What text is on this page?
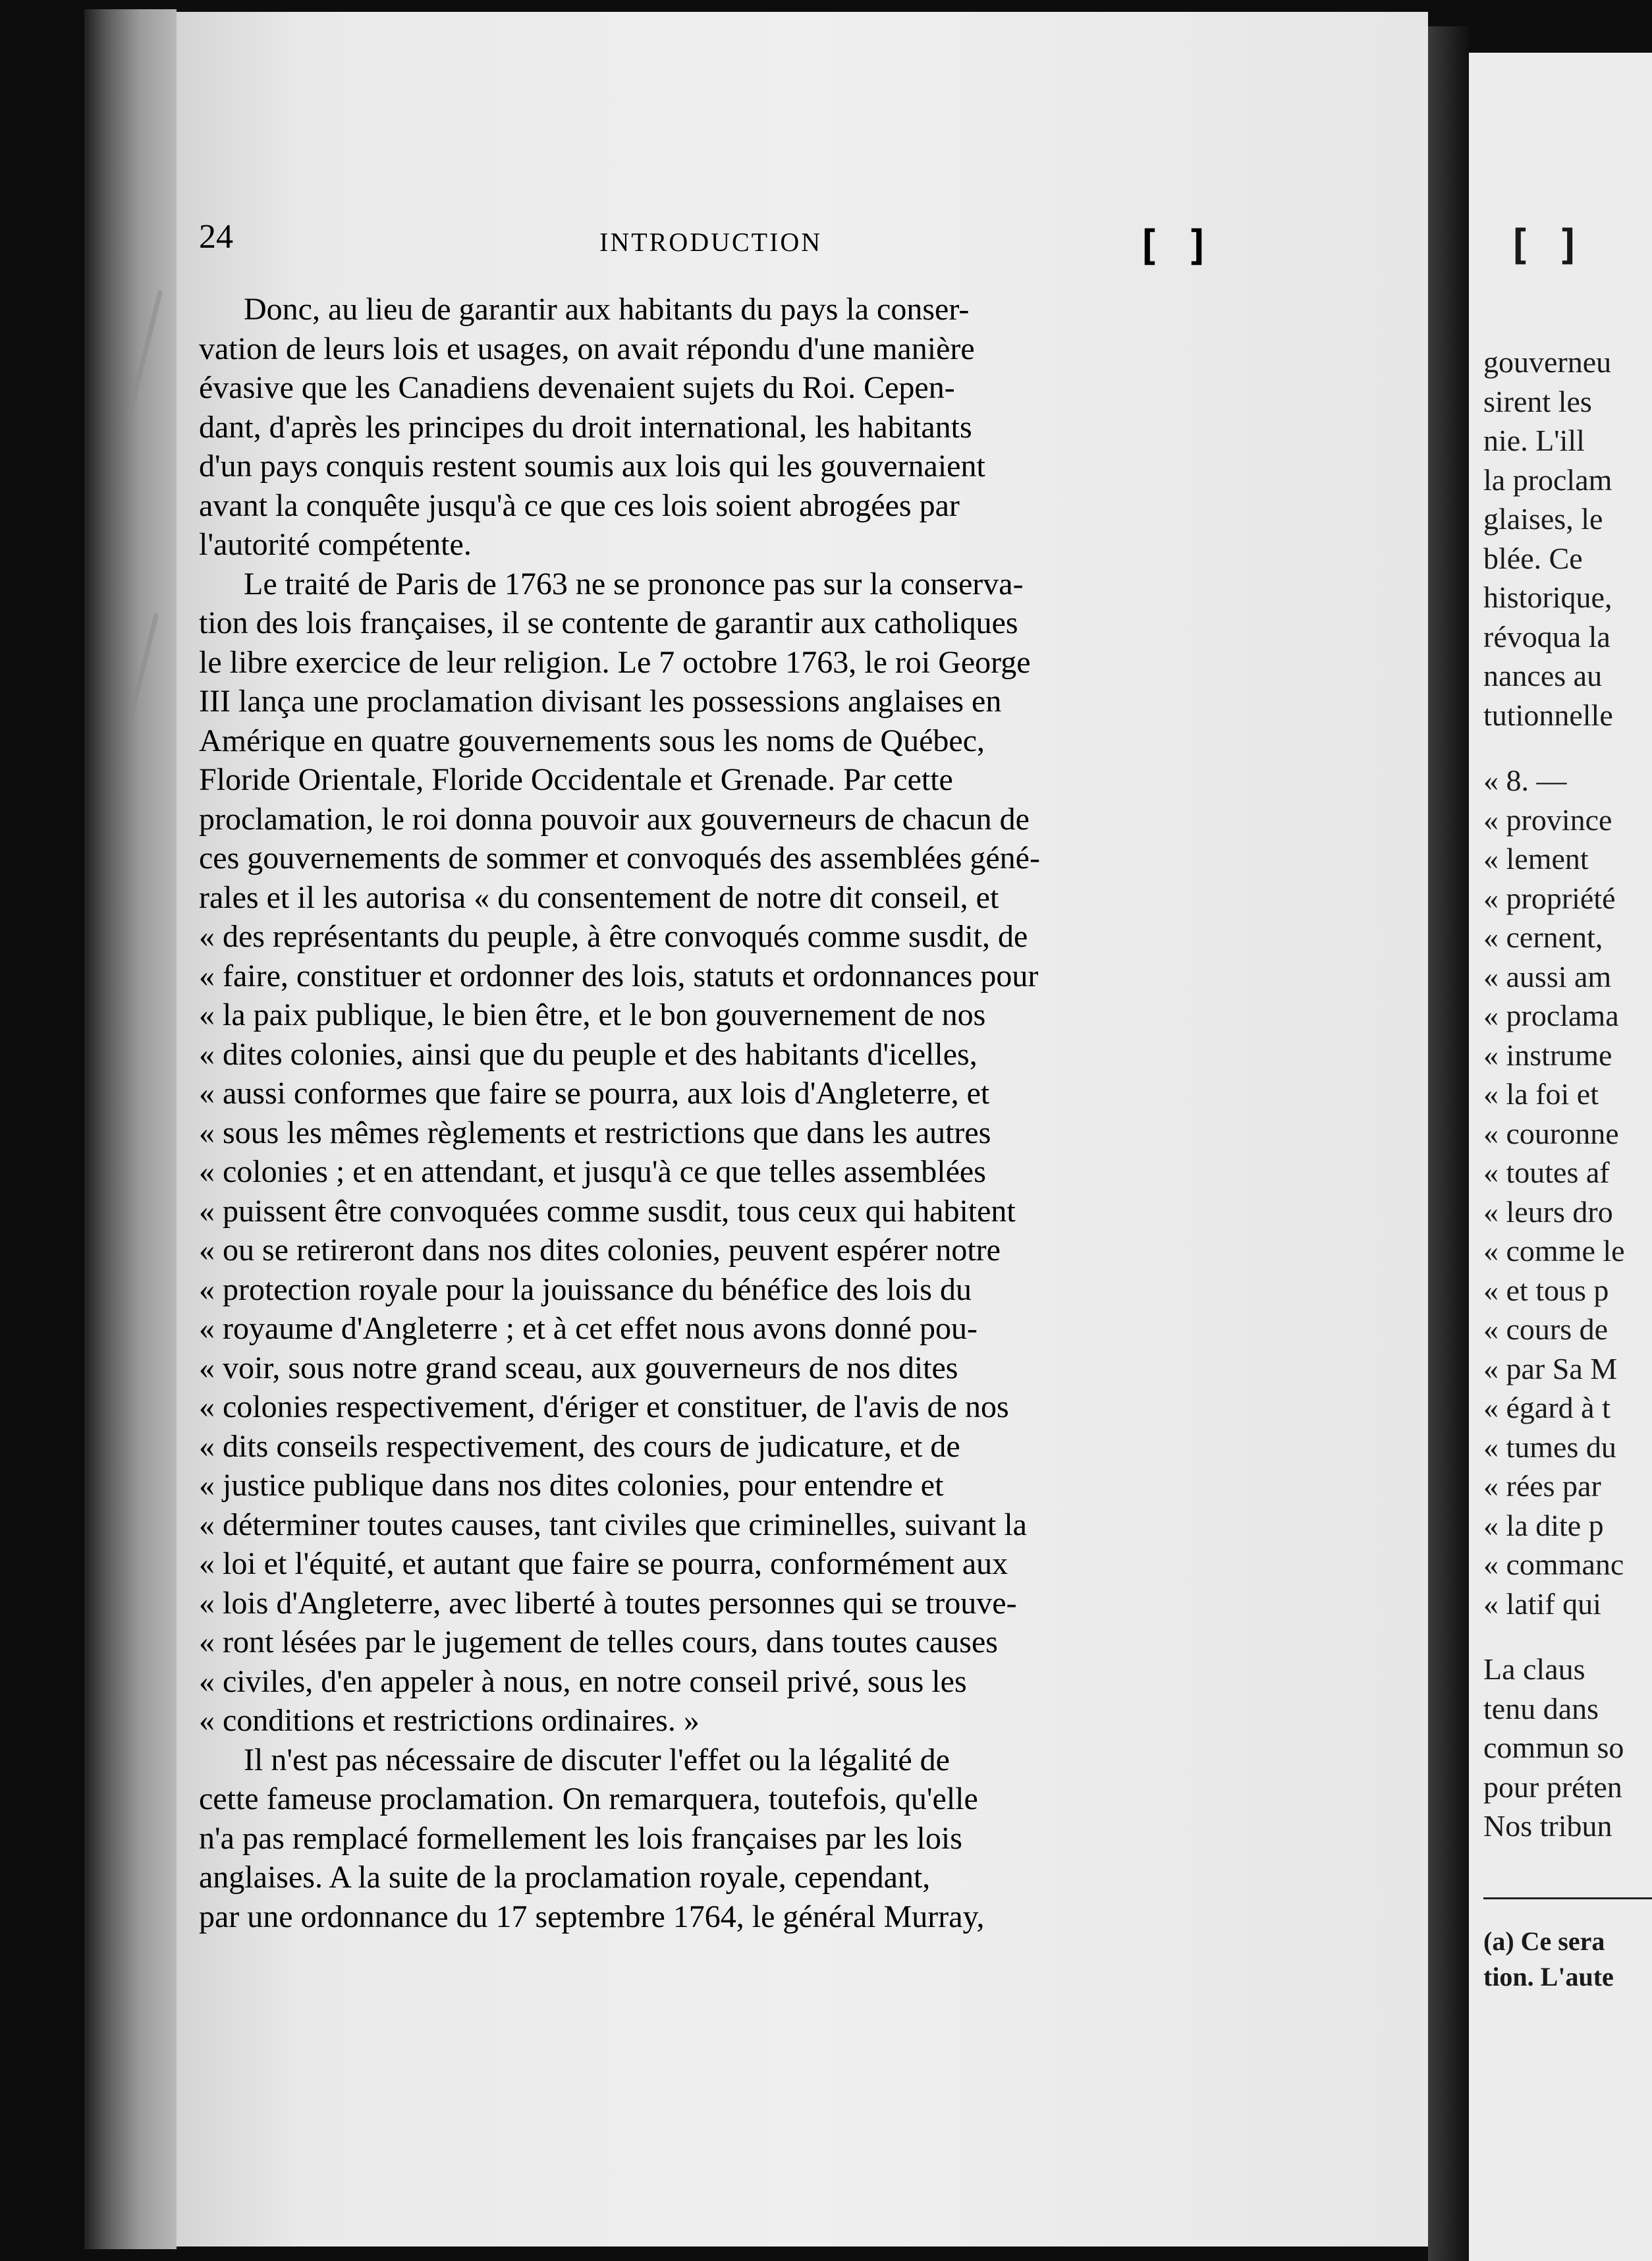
24	INTRODUCTION	[ ]
Donc, au lieu de garantir aux habitants du pays la conser-
vation de leurs lois et usages, on avait répondu d'une manière
évasive que les Canadiens devenaient sujets du Roi. Cepen-
dant, d'après les principes du droit international, les habitants
d'un pays conquis restent soumis aux lois qui les gouvernaient
avant la conquête jusqu'à ce que ces lois soient abrogées par
l'autorité compétente.
Le traité de Paris de 1763 ne se prononce pas sur la conserva-
tion des lois françaises, il se contente de garantir aux catholiques
le libre exercice de leur religion. Le 7 octobre 1763, le roi George
III lança une proclamation divisant les possessions anglaises en
Amérique en quatre gouvernements sous les noms de Québec,
Floride Orientale, Floride Occidentale et Grenade. Par cette
proclamation, le roi donna pouvoir aux gouverneurs de chacun de
ces gouvernements de sommer et convoqués des assemblées géné-
rales et il les autorisa « du consentement de notre dit conseil, et
« des représentants du peuple, à être convoqués comme susdit, de
« faire, constituer et ordonner des lois, statuts et ordonnances pour
« la paix publique, le bien être, et le bon gouvernement de nos
« dites colonies, ainsi que du peuple et des habitants d'icelles,
« aussi conformes que faire se pourra, aux lois d'Angleterre, et
« sous les mêmes règlements et restrictions que dans les autres
« colonies ; et en attendant, et jusqu'à ce que telles assemblées
« puissent être convoquées comme susdit, tous ceux qui habitent
« ou se retireront dans nos dites colonies, peuvent espérer notre
« protection royale pour la jouissance du bénéfice des lois du
« royaume d'Angleterre ; et à cet effet nous avons donné pou-
« voir, sous notre grand sceau, aux gouverneurs de nos dites
« colonies respectivement, d'ériger et constituer, de l'avis de nos
« dits conseils respectivement, des cours de judicature, et de
« justice publique dans nos dites colonies, pour entendre et
« déterminer toutes causes, tant civiles que criminelles, suivant la
« loi et l'équité, et autant que faire se pourra, conformément aux
« lois d'Angleterre, avec liberté à toutes personnes qui se trouve-
« ront lésées par le jugement de telles cours, dans toutes causes
« civiles, d'en appeler à nous, en notre conseil privé, sous les
« conditions et restrictions ordinaires. »
Il n'est pas nécessaire de discuter l'effet ou la légalité de
cette fameuse proclamation. On remarquera, toutefois, qu'elle
n'a pas remplacé formellement les lois françaises par les lois
anglaises. A la suite de la proclamation royale, cependant,
par une ordonnance du 17 septembre 1764, le général Murray,
[ ]
gouverneu
sirent les
nie. L'ill
la proclam
glaises, le
blée. Ce
historique,
révoqua la
nances au
tutionnelle
« 8. —
« province
« lement
« propriété
« cernent,
« aussi am
« proclama
« instrume
« la foi et
« couronne
« toutes af
« leurs dro
« comme le
« et tous p
« cours de
« par Sa M
« égard à t
« tumes du
« rées par
« la dite p
« commanc
« latif qui
La claus
tenu dans
commun so
pour préten
Nos tribun
(a) Ce sera
tion. L'aute
